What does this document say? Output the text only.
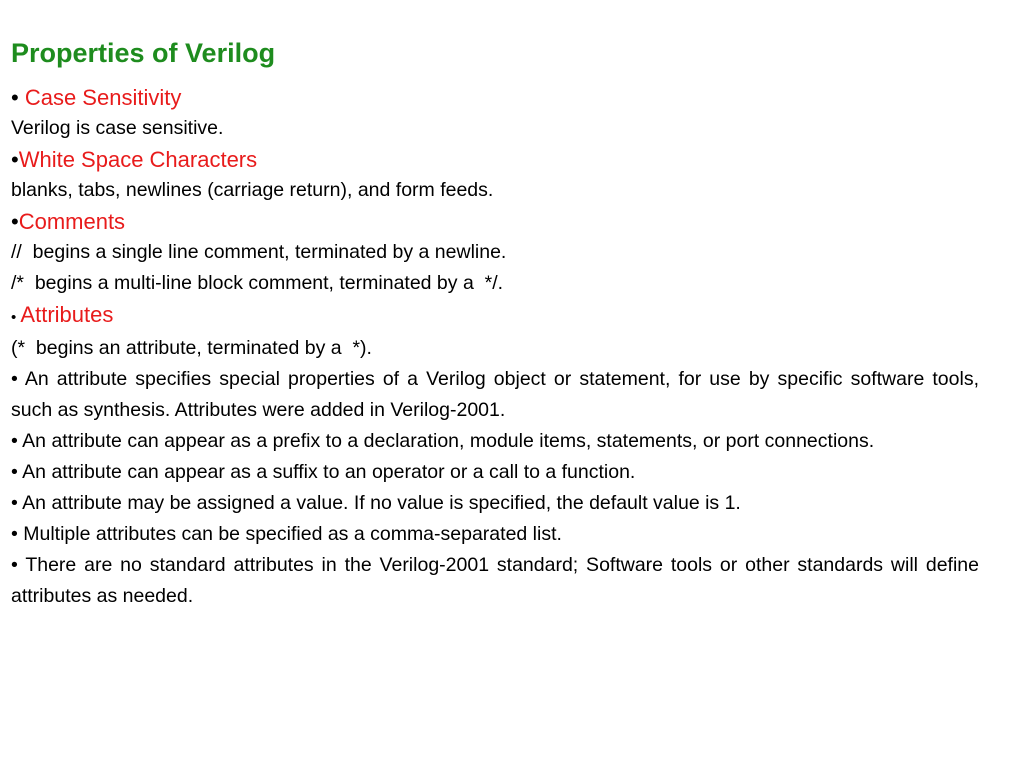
Properties of Verilog
• Case Sensitivity
Verilog is case sensitive.
•White Space Characters
blanks, tabs, newlines (carriage return), and form feeds.
•Comments
//  begins a single line comment, terminated by a newline.
/*  begins a multi-line block comment, terminated by a  */.
• Attributes
(*  begins an attribute, terminated by a  *).
• An attribute specifies special properties of a Verilog object or statement, for use by specific software tools, such as synthesis. Attributes were added in Verilog-2001.
• An attribute can appear as a prefix to a declaration, module items, statements, or port connections.
• An attribute can appear as a suffix to an operator or a call to a function.
• An attribute may be assigned a value. If no value is specified, the default value is 1.
• Multiple attributes can be specified as a comma-separated list.
• There are no standard attributes in the Verilog-2001 standard; Software tools or other standards will define attributes as needed.
